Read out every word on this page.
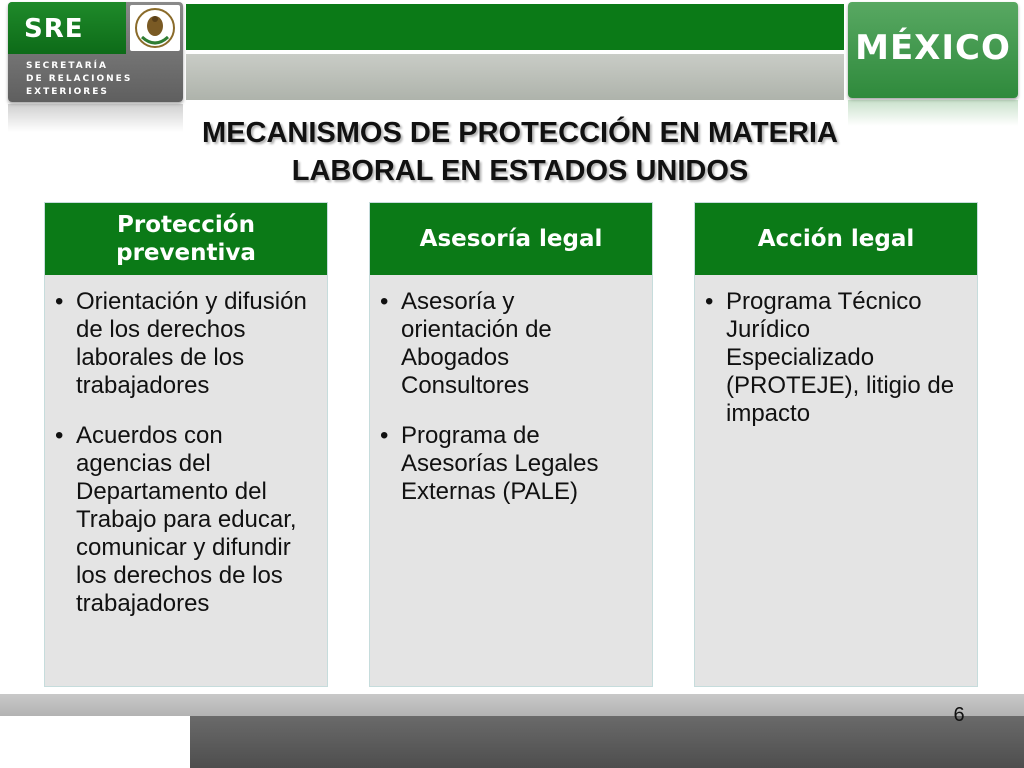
SRE
SECRETARÍA
DE RELACIONES
EXTERIORES
MÉXICO
MECANISMOS DE PROTECCIÓN EN MATERIA
LABORAL EN ESTADOS UNIDOS
Protección preventiva
• Orientación y difusión de los derechos laborales de los trabajadores
• Acuerdos con agencias del Departamento del Trabajo para educar, comunicar y difundir los derechos de los trabajadores
Asesoría legal
• Asesoría y orientación de Abogados Consultores
• Programa de Asesorías Legales Externas (PALE)
Acción legal
• Programa Técnico Jurídico Especializado (PROTEJE), litigio de impacto
6
